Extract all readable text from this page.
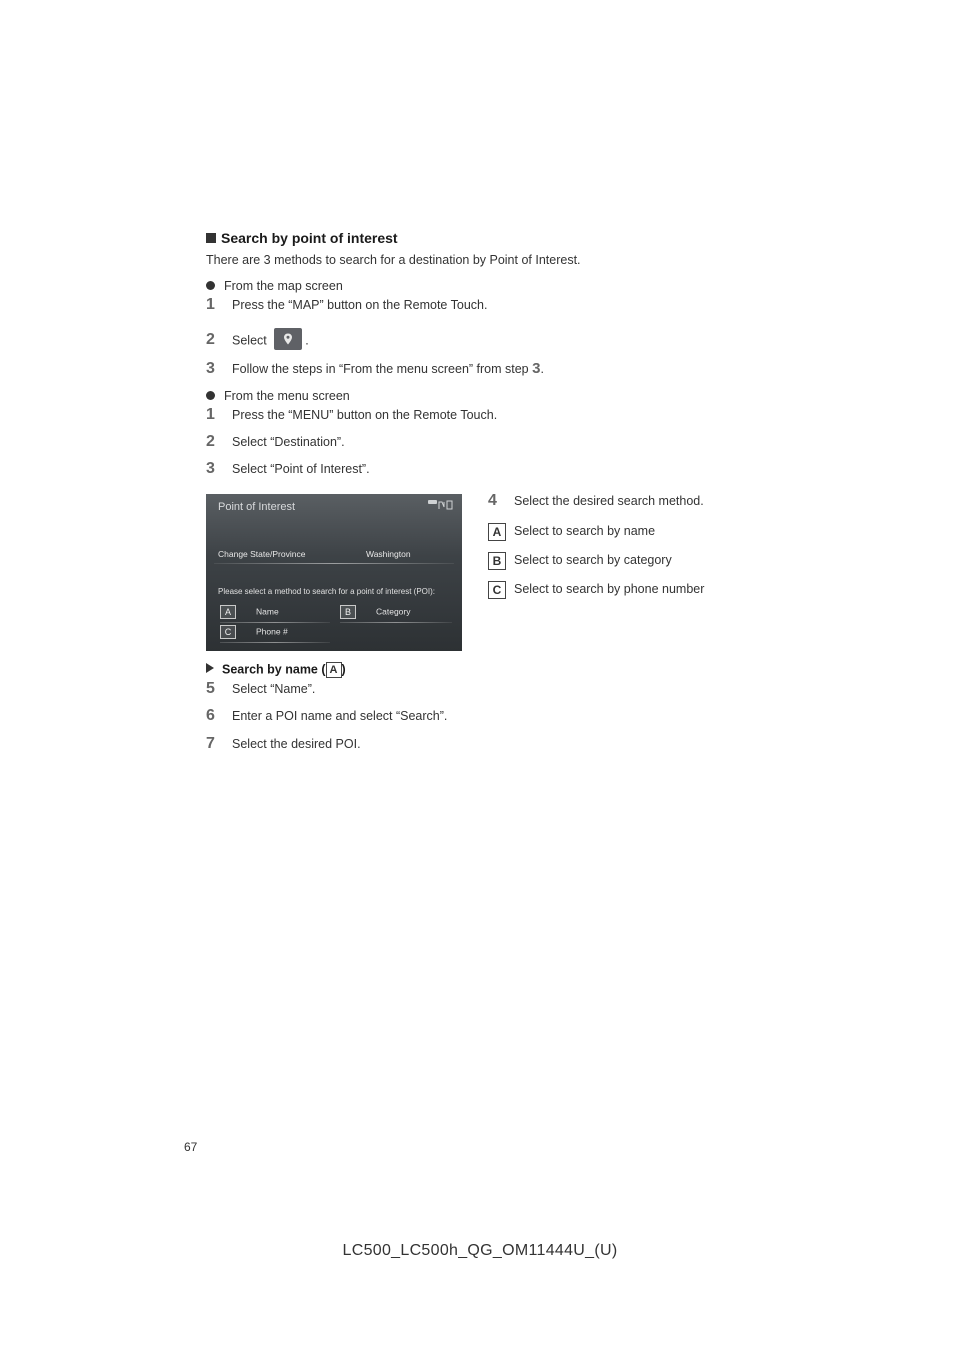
Search by point of interest
There are 3 methods to search for a destination by Point of Interest.
From the map screen
1 Press the “MAP” button on the Remote Touch.
2 Select	.
3 Follow the steps in “From the menu screen” from step 3.
From the menu screen
1 Press the “MENU” button on the Remote Touch.
2 Select “Destination”.
3 Select “Point of Interest”.
Point of Interest
Change State/Province	Washington
Please select a method to search for a point of interest (POI):
A	Name	B	Category
C	Phone #
4 Select the desired search method.
A Select to search by name
B Select to search by category
C Select to search by phone number
Search by name ( A )
5 Select “Name”.
6 Enter a POI name and select “Search”.
7 Select the desired POI.
67
LC500_LC500h_QG_OM11444U_(U)
